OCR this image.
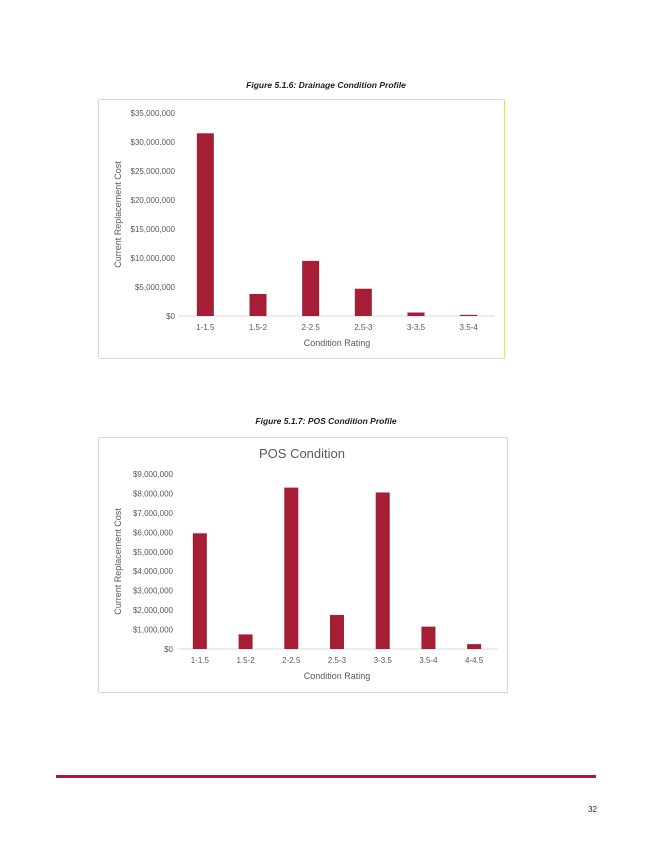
Figure 5.1.6: Drainage Condition Profile
$0
$5,000,000
$10,000,000
$15,000,000
$20,000,000
$25,000,000
$30,000,000
$35,000,000
1-1.5	1.5-2	2-2.5	2.5-3	3-3.5	3.5-4
Condition Rating
Current Replacement Cost
Figure 5.1.7: POS Condition Profile
POS Condition
$0
$1,000,000
$2,000,000
$3,000,000
$4,000,000
$5,000,000
$6,000,000
$7,000,000
$8,000,000
$9,000,000
1-1.5	1.5-2	2-2.5	2.5-3	3-3.5	3.5-4	4-4.5
Condition Rating
Current Replacement Cost
32
